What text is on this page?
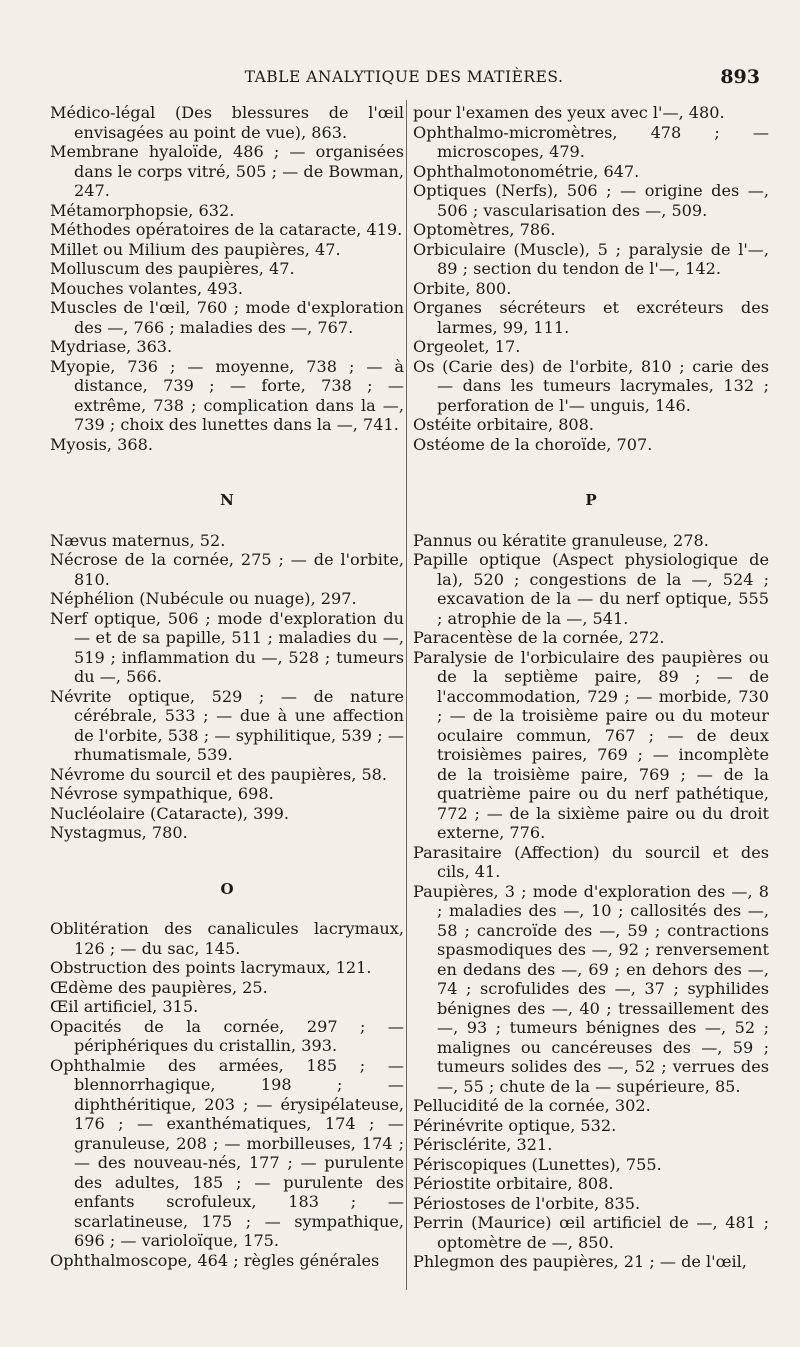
TABLE ANALYTIQUE DES MATIÈRES.	893
Médico-légal (Des blessures de l'œil envisagées au point de vue), 863.
Membrane hyaloïde, 486 ; — organisées dans le corps vitré, 505 ; — de Bowman, 247.
Métamorphopsie, 632.
Méthodes opératoires de la cataracte, 419.
Millet ou Milium des paupières, 47.
Molluscum des paupières, 47.
Mouches volantes, 493.
Muscles de l'œil, 760 ; mode d'exploration des —, 766 ; maladies des —, 767.
Mydriase, 363.
Myopie, 736 ; — moyenne, 738 ; — à distance, 739 ; — forte, 738 ; — extrême, 738 ; complication dans la —, 739 ; choix des lunettes dans la —, 741.
Myosis, 368.
N
Nævus maternus, 52.
Nécrose de la cornée, 275 ; — de l'orbite, 810.
Néphélion (Nubécule ou nuage), 297.
Nerf optique, 506 ; mode d'exploration du — et de sa papille, 511 ; maladies du —, 519 ; inflammation du —, 528 ; tumeurs du —, 566.
Névrite optique, 529 ; — de nature cérébrale, 533 ; — due à une affection de l'orbite, 538 ; — syphilitique, 539 ; — rhumatismale, 539.
Névrome du sourcil et des paupières, 58.
Névrose sympathique, 698.
Nucléolaire (Cataracte), 399.
Nystagmus, 780.
O
Oblitération des canalicules lacrymaux, 126 ; — du sac, 145.
Obstruction des points lacrymaux, 121.
Œdème des paupières, 25.
Œil artificiel, 315.
Opacités de la cornée, 297 ; — périphériques du cristallin, 393.
Ophthalmie des armées, 185 ; — blennorrhagique, 198 ; — diphthéritique, 203 ; — érysipélateuse, 176 ; — exanthématiques, 174 ; — granuleuse, 208 ; — morbilleuses, 174 ; — des nouveau-nés, 177 ; — purulente des adultes, 185 ; — purulente des enfants scrofuleux, 183 ; — scarlatineuse, 175 ; — sympathique, 696 ; — varioloïque, 175.
Ophthalmoscope, 464 ; règles générales
pour l'examen des yeux avec l'—, 480.
Ophthalmo-micromètres, 478 ; — microscopes, 479.
Ophthalmotonométrie, 647.
Optiques (Nerfs), 506 ; — origine des —, 506 ; vascularisation des —, 509.
Optomètres, 786.
Orbiculaire (Muscle), 5 ; paralysie de l'—, 89 ; section du tendon de l'—, 142.
Orbite, 800.
Organes sécréteurs et excréteurs des larmes, 99, 111.
Orgeolet, 17.
Os (Carie des) de l'orbite, 810 ; carie des — dans les tumeurs lacrymales, 132 ; perforation de l'— unguis, 146.
Ostéite orbitaire, 808.
Ostéome de la choroïde, 707.
P
Pannus ou kératite granuleuse, 278.
Papille optique (Aspect physiologique de la), 520 ; congestions de la —, 524 ; excavation de la — du nerf optique, 555 ; atrophie de la —, 541.
Paracentèse de la cornée, 272.
Paralysie de l'orbiculaire des paupières ou de la septième paire, 89 ; — de l'accommodation, 729 ; — morbide, 730 ; — de la troisième paire ou du moteur oculaire commun, 767 ; — de deux troisièmes paires, 769 ; — incomplète de la troisième paire, 769 ; — de la quatrième paire ou du nerf pathétique, 772 ; — de la sixième paire ou du droit externe, 776.
Parasitaire (Affection) du sourcil et des cils, 41.
Paupières, 3 ; mode d'exploration des —, 8 ; maladies des —, 10 ; callosités des —, 58 ; cancroïde des —, 59 ; contractions spasmodiques des —, 92 ; renversement en dedans des —, 69 ; en dehors des —, 74 ; scrofulides des —, 37 ; syphilides bénignes des —, 40 ; tressaillement des —, 93 ; tumeurs bénignes des —, 52 ; malignes ou cancéreuses des —, 59 ; tumeurs solides des —, 52 ; verrues des —, 55 ; chute de la — supérieure, 85.
Pellucidité de la cornée, 302.
Périnévrite optique, 532.
Périsclérite, 321.
Périscopiques (Lunettes), 755.
Périostite orbitaire, 808.
Périostoses de l'orbite, 835.
Perrin (Maurice) œil artificiel de —, 481 ; optomètre de —, 850.
Phlegmon des paupières, 21 ; — de l'œil,
